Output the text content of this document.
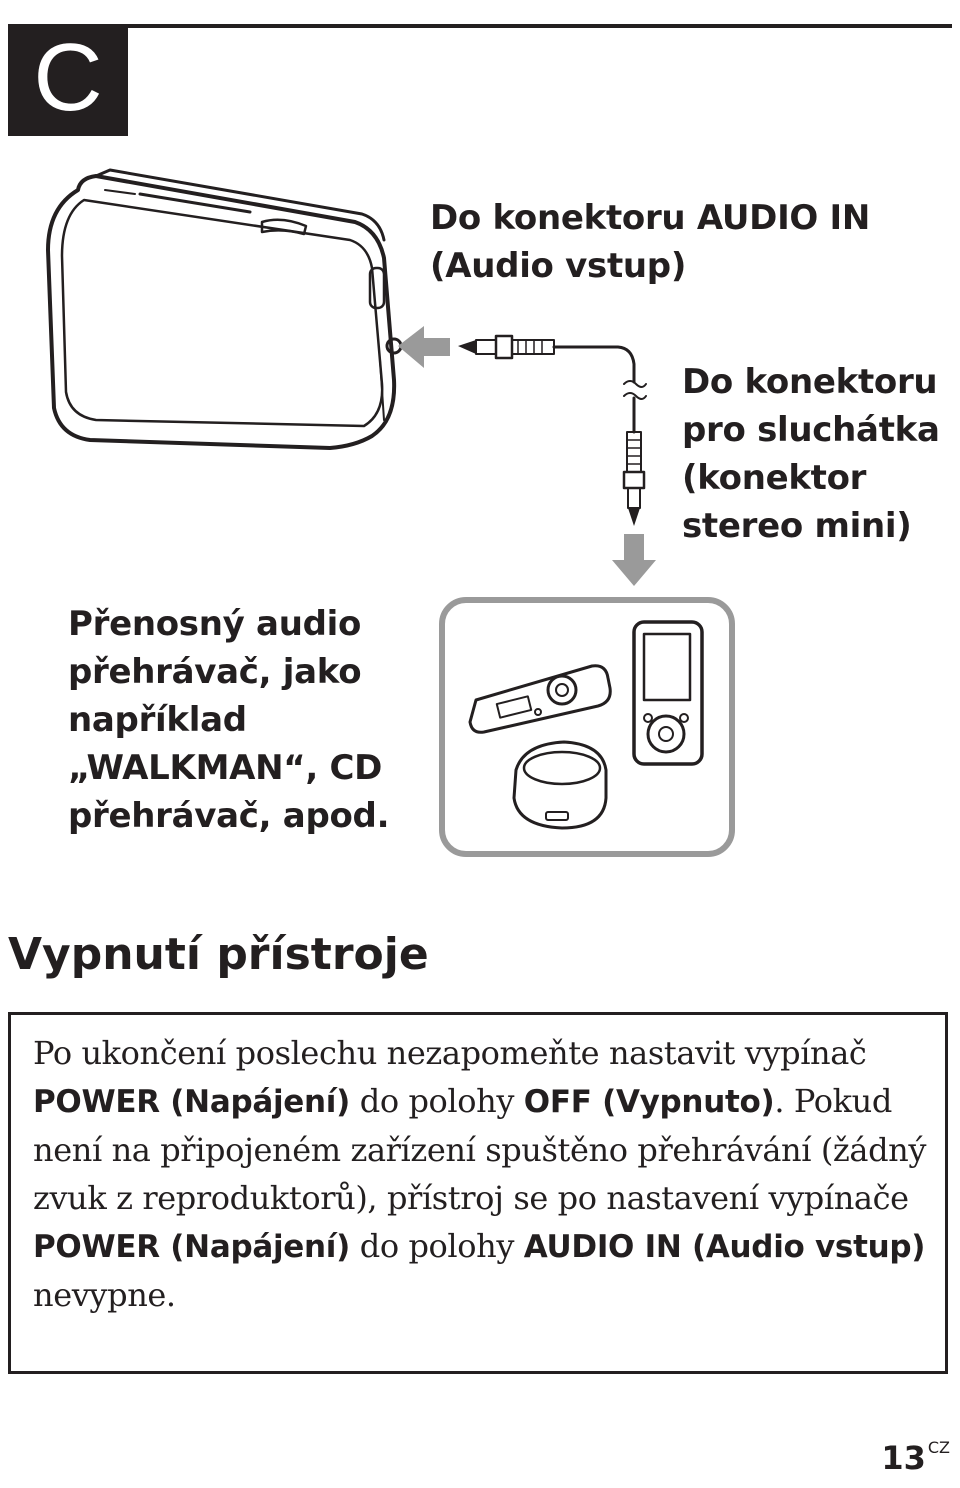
C
Do konektoru AUDIO IN
(Audio vstup)
Do konektoru
pro sluchátka
(konektor
stereo mini)
Přenosný audio
přehrávač, jako
například
„WALKMAN“, CD
přehrávač, apod.
Vypnutí přístroje

Po ukončení poslechu nezapomeňte nastavit vypínač POWER (Napájení) do polohy OFF (Vypnuto). Pokud není na připojeném zařízení spuštěno přehrávání (žádný zvuk z reproduktorů), přístroj se po nastavení vypínače POWER (Napájení) do polohy AUDIO IN (Audio vstup) nevypne.

13 $^{CZ}$
